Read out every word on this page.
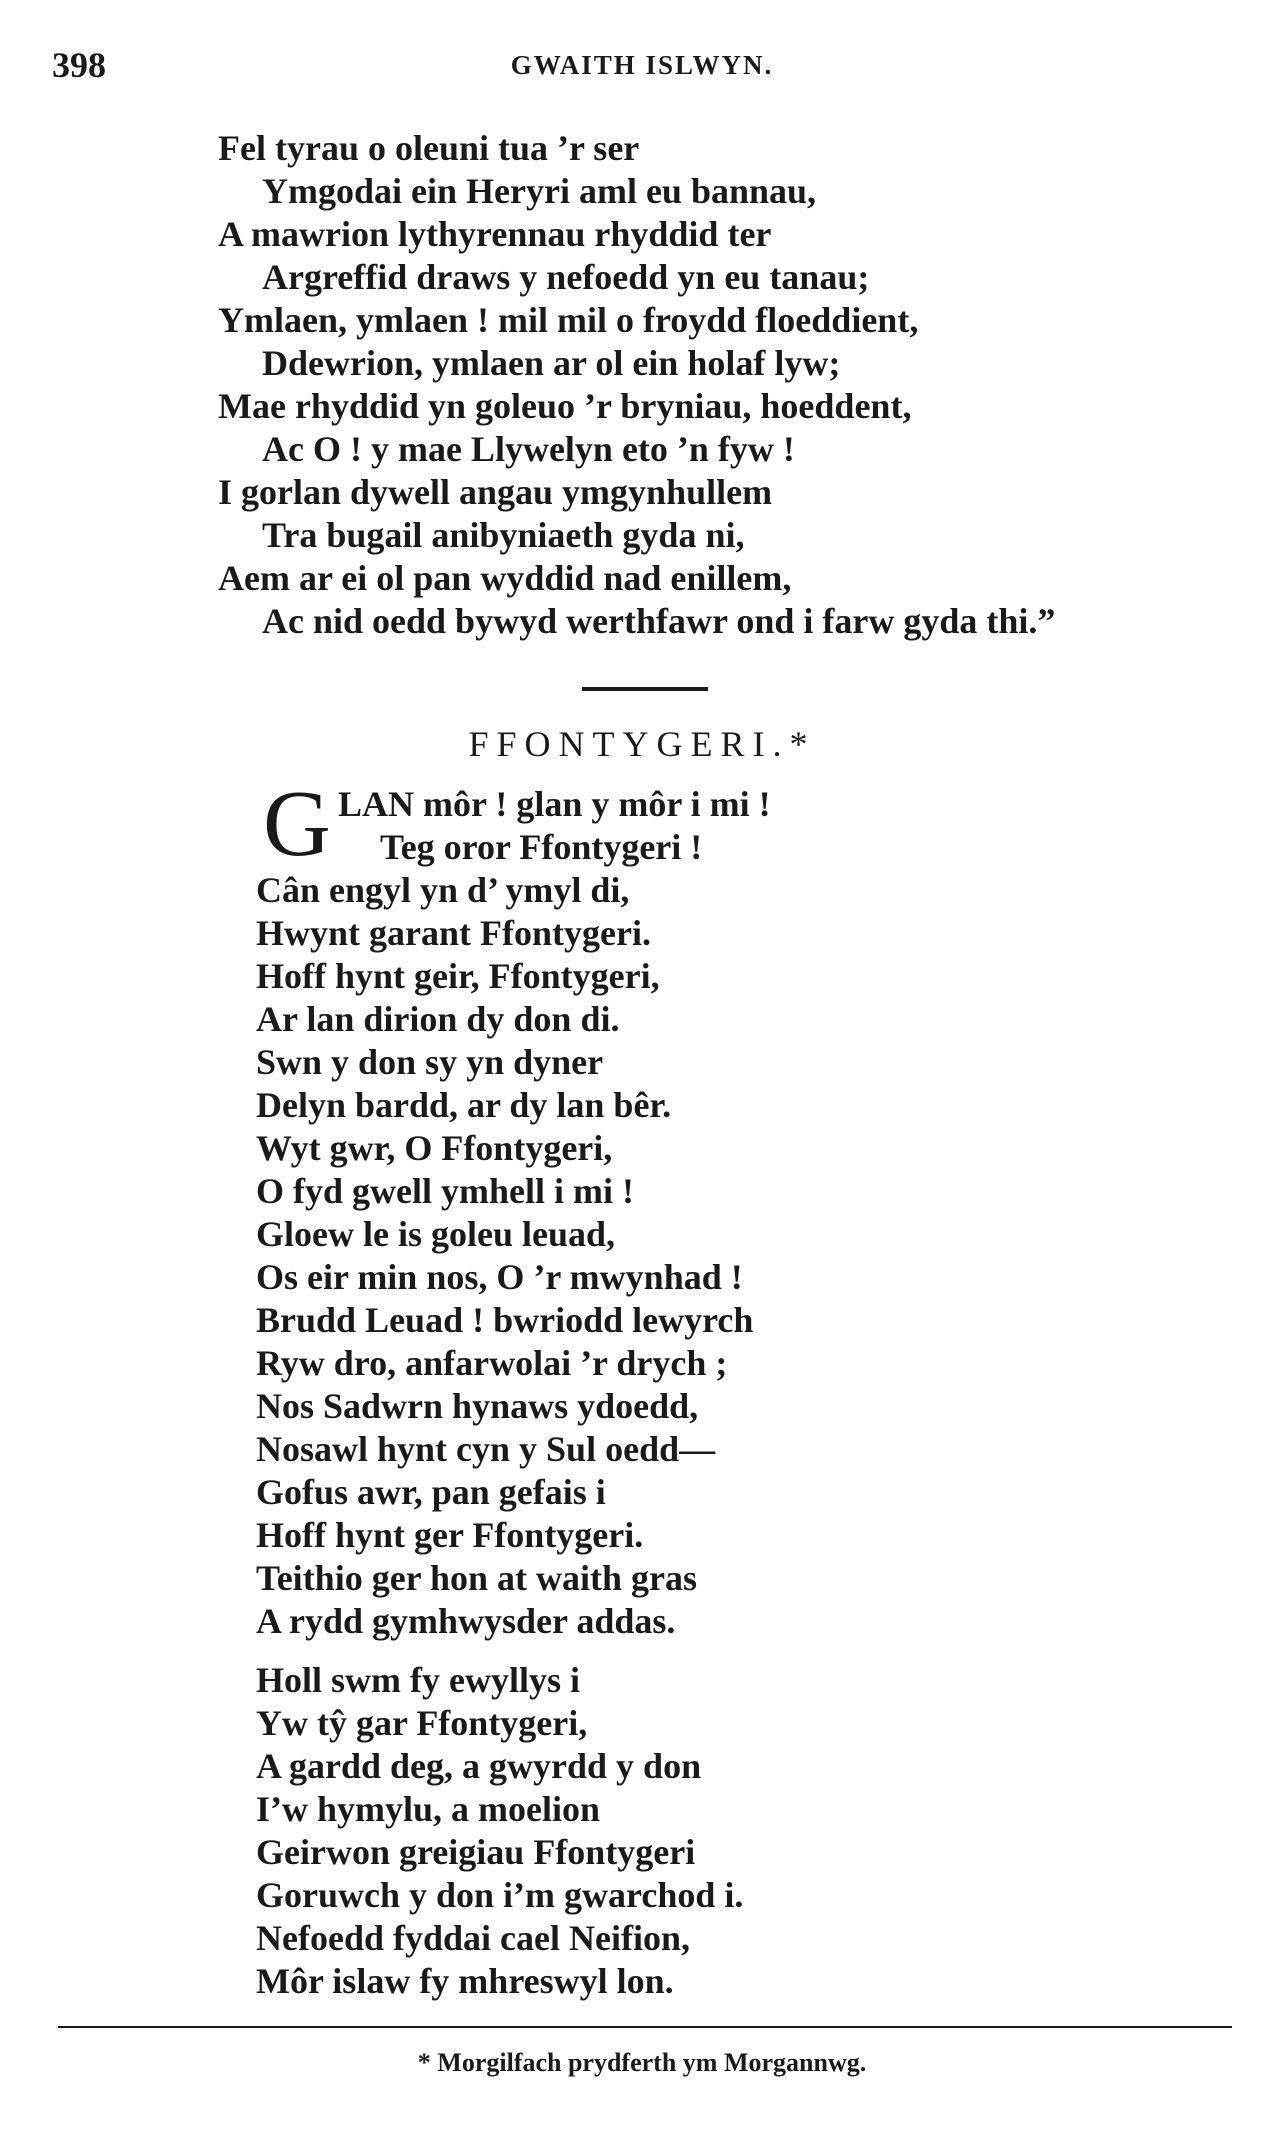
398	GWAITH ISLWYN.
Fel tyrau o oleuni tua ’r ser
Ymgodai ein Heryri aml eu bannau,
A mawrion lythyrennau rhyddid ter
Argreffid draws y nefoedd yn eu tanau;
Ymlaen, ymlaen ! mil mil o froydd floeddient,
Ddewrion, ymlaen ar ol ein holaf lyw;
Mae rhyddid yn goleuo ’r bryniau, hoeddent,
Ac O ! y mae Llywelyn eto ’n fyw !
I gorlan dywell angau ymgynhullem
Tra bugail anibyniaeth gyda ni,
Aem ar ei ol pan wyddid nad enillem,
Ac nid oedd bywyd werthfawr ond i farw gyda thi.”
FFONTYGERI.*
G LAN môr ! glan y môr i mi !
Teg oror Ffontygeri !
Cân engyl yn d’ ymyl di,
Hwynt garant Ffontygeri.
Hoff hynt geir, Ffontygeri,
Ar lan dirion dy don di.
Swn y don sy yn dyner
Delyn bardd, ar dy lan bêr.
Wyt gwr, O Ffontygeri,
O fyd gwell ymhell i mi !
Gloew le is goleu leuad,
Os eir min nos, O ’r mwynhad !
Brudd Leuad ! bwriodd lewyrch
Ryw dro, anfarwolai ’r drych ;
Nos Sadwrn hynaws ydoedd,
Nosawl hynt cyn y Sul oedd—
Gofus awr, pan gefais i
Hoff hynt ger Ffontygeri.
Teithio ger hon at waith gras
A rydd gymhwysder addas.
Holl swm fy ewyllys i
Yw tŷ gar Ffontygeri,
A gardd deg, a gwyrdd y don
I’w hymylu, a moelion
Geirwon greigiau Ffontygeri
Goruwch y don i’m gwarchod i.
Nefoedd fyddai cael Neifion,
Môr islaw fy mhreswyl lon.
* Morgilfach prydferth ym Morgannwg.
